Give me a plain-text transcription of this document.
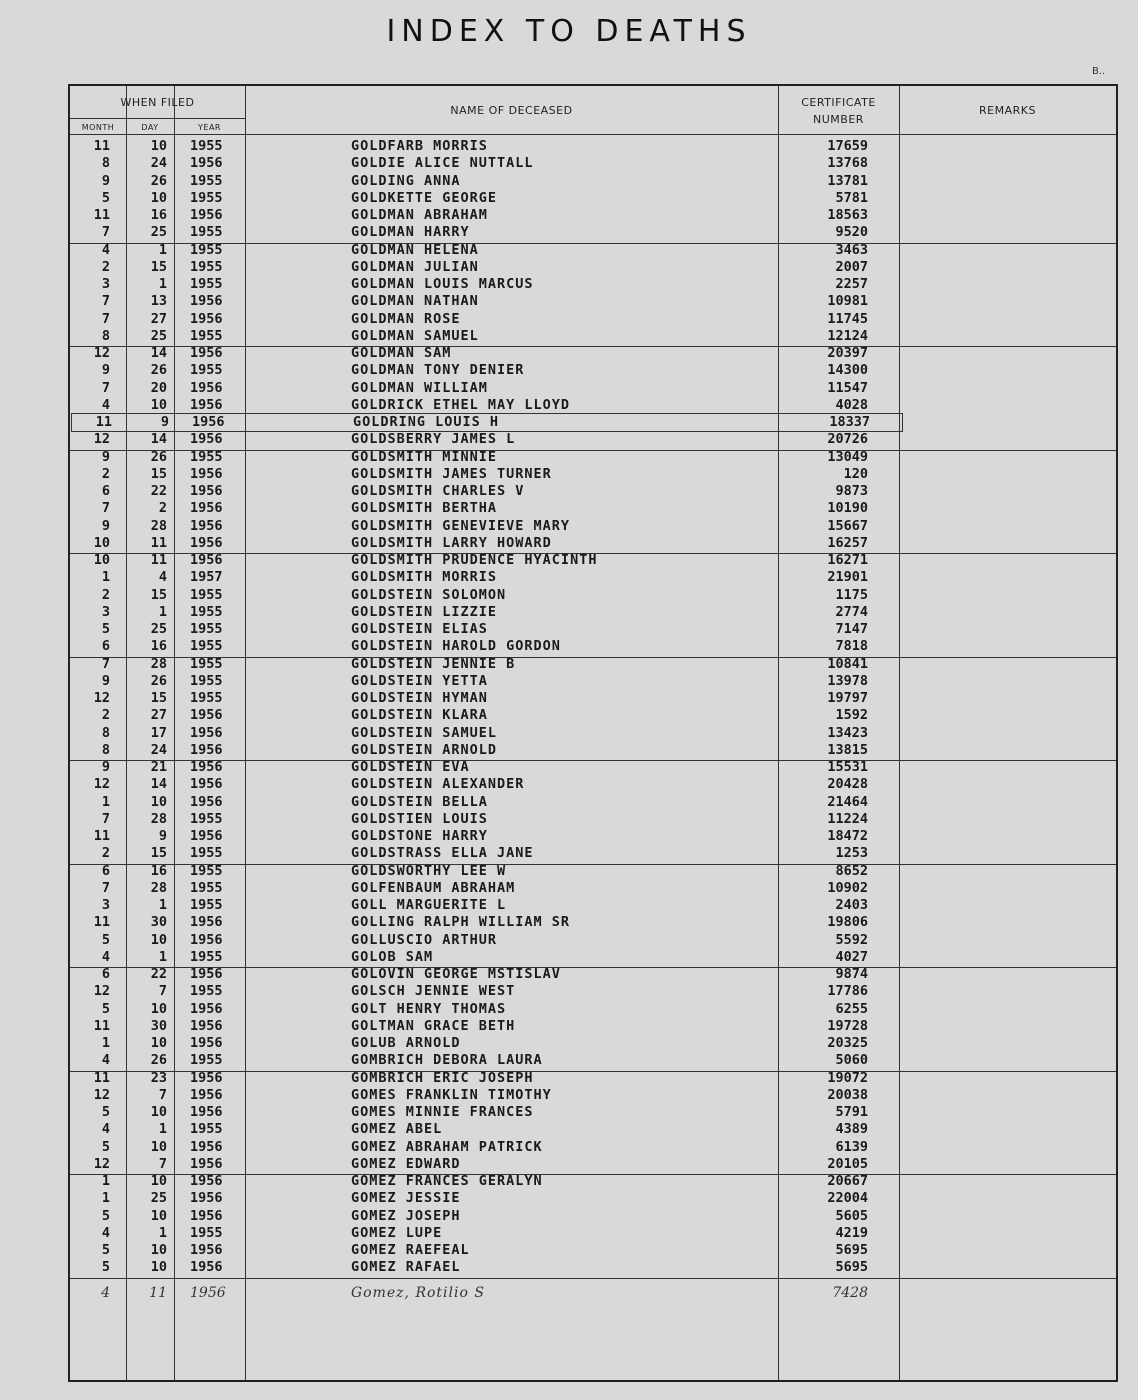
INDEX TO DEATHS
B..
WHEN FILED
MONTH	DAY	YEAR
NAME OF DECEASED
CERTIFICATE
NUMBER
REMARKS
11	10 1955	GOLDFARB MORRIS	17659
8	24 1956	GOLDIE ALICE NUTTALL	13768
9	26 1955	GOLDING ANNA	13781
5	10 1955	GOLDKETTE GEORGE	5781
11	16 1956	GOLDMAN ABRAHAM	18563
7	25 1955	GOLDMAN HARRY	9520
4	1 1955	GOLDMAN HELENA	3463
2	15 1955	GOLDMAN JULIAN	2007
3	1 1955	GOLDMAN LOUIS MARCUS	2257
7	13 1956	GOLDMAN NATHAN	10981
7	27 1956	GOLDMAN ROSE	11745
8	25 1955	GOLDMAN SAMUEL	12124
12	14 1956	GOLDMAN SAM	20397
9	26 1955	GOLDMAN TONY DENIER	14300
7	20 1956	GOLDMAN WILLIAM	11547
4	10 1956	GOLDRICK ETHEL MAY LLOYD	4028
11	9 1956	GOLDRING LOUIS H	18337
12	14 1956	GOLDSBERRY JAMES L	20726
9	26 1955	GOLDSMITH MINNIE	13049
2	15 1956	GOLDSMITH JAMES TURNER	120
6	22 1956	GOLDSMITH CHARLES V	9873
7	2 1956	GOLDSMITH BERTHA	10190
9	28 1956	GOLDSMITH GENEVIEVE MARY	15667
10	11 1956	GOLDSMITH LARRY HOWARD	16257
10	11 1956	GOLDSMITH PRUDENCE HYACINTH	16271
1	4 1957	GOLDSMITH MORRIS	21901
2	15 1955	GOLDSTEIN SOLOMON	1175
3	1 1955	GOLDSTEIN LIZZIE	2774
5	25 1955	GOLDSTEIN ELIAS	7147
6	16 1955	GOLDSTEIN HAROLD GORDON	7818
7	28 1955	GOLDSTEIN JENNIE B	10841
9	26 1955	GOLDSTEIN YETTA	13978
12	15 1955	GOLDSTEIN HYMAN	19797
2	27 1956	GOLDSTEIN KLARA	1592
8	17 1956	GOLDSTEIN SAMUEL	13423
8	24 1956	GOLDSTEIN ARNOLD	13815
9	21 1956	GOLDSTEIN EVA	15531
12	14 1956	GOLDSTEIN ALEXANDER	20428
1	10 1956	GOLDSTEIN BELLA	21464
7	28 1955	GOLDSTIEN LOUIS	11224
11	9 1956	GOLDSTONE HARRY	18472
2	15 1955	GOLDSTRASS ELLA JANE	1253
6	16 1955	GOLDSWORTHY LEE W	8652
7	28 1955	GOLFENBAUM ABRAHAM	10902
3	1 1955	GOLL MARGUERITE L	2403
11	30 1956	GOLLING RALPH WILLIAM SR	19806
5	10 1956	GOLLUSCIO ARTHUR	5592
4	1 1955	GOLOB SAM	4027
6	22 1956	GOLOVIN GEORGE MSTISLAV	9874
12	7 1955	GOLSCH JENNIE WEST	17786
5	10 1956	GOLT HENRY THOMAS	6255
11	30 1956	GOLTMAN GRACE BETH	19728
1	10 1956	GOLUB ARNOLD	20325
4	26 1955	GOMBRICH DEBORA LAURA	5060
11	23 1956	GOMBRICH ERIC JOSEPH	19072
12	7 1956	GOMES FRANKLIN TIMOTHY	20038
5	10 1956	GOMES MINNIE FRANCES	5791
4	1 1955	GOMEZ ABEL	4389
5	10 1956	GOMEZ ABRAHAM PATRICK	6139
12	7 1956	GOMEZ EDWARD	20105
1	10 1956	GOMEZ FRANCES GERALYN	20667
1	25 1956	GOMEZ JESSIE	22004
5	10 1956	GOMEZ JOSEPH	5605
4	1 1955	GOMEZ LUPE	4219
5	10 1956	GOMEZ RAEFEAL	5695
5	10 1956	GOMEZ RAFAEL	5695
4	11 1956	Gomez, Rotilio S	7428
